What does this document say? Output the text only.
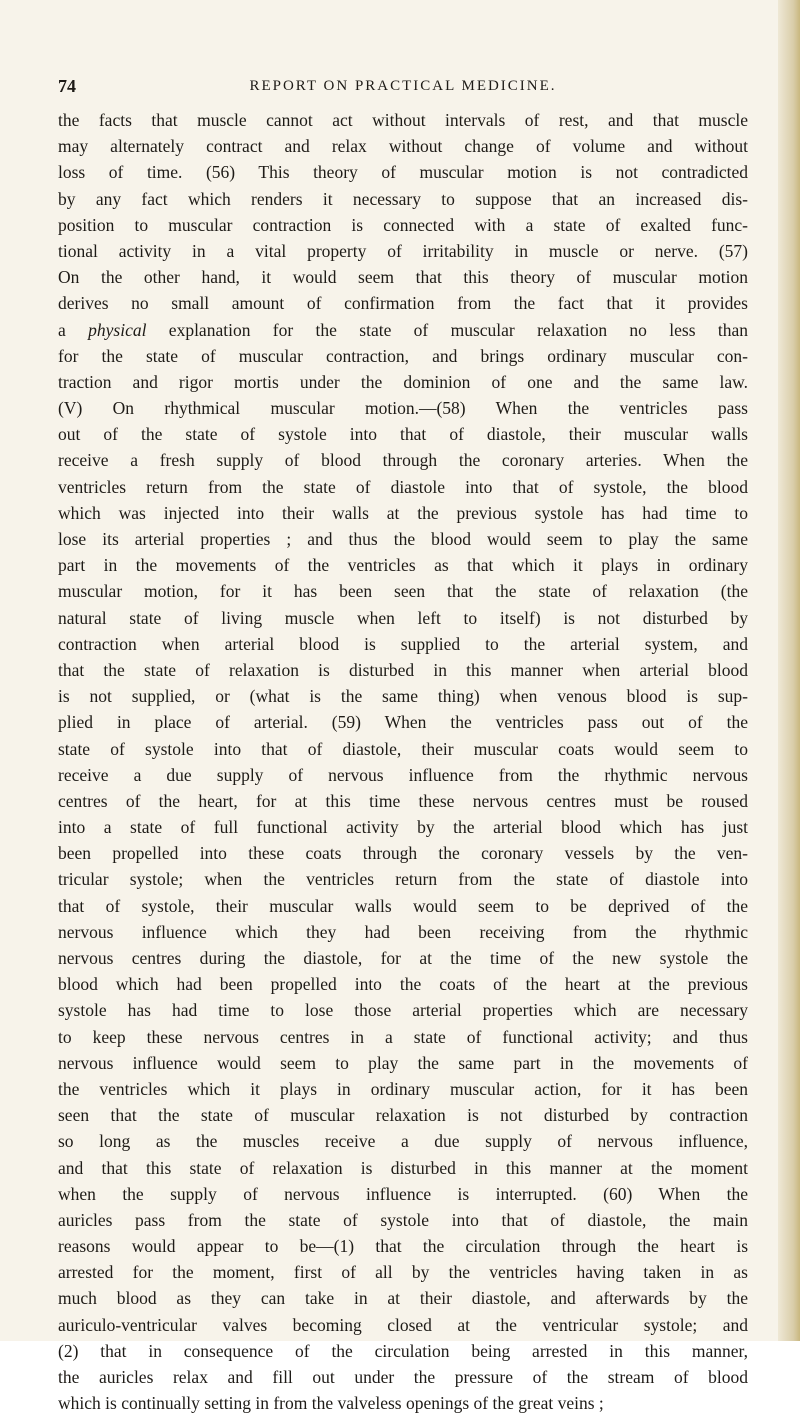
74	REPORT ON PRACTICAL MEDICINE.
the facts that muscle cannot act without intervals of rest, and that muscle
may alternately contract and relax without change of volume and without
loss of time. (56) This theory of muscular motion is not contradicted
by any fact which renders it necessary to suppose that an increased dis-
position to muscular contraction is connected with a state of exalted func-
tional activity in a vital property of irritability in muscle or nerve. (57)
On the other hand, it would seem that this theory of muscular motion
derives no small amount of confirmation from the fact that it provides
a physical explanation for the state of muscular relaxation no less than
for the state of muscular contraction, and brings ordinary muscular con-
traction and rigor mortis under the dominion of one and the same law.
(V) On rhythmical muscular motion.—(58) When the ventricles pass
out of the state of systole into that of diastole, their muscular walls
receive a fresh supply of blood through the coronary arteries. When the
ventricles return from the state of diastole into that of systole, the blood
which was injected into their walls at the previous systole has had time to
lose its arterial properties ; and thus the blood would seem to play the same
part in the movements of the ventricles as that which it plays in ordinary
muscular motion, for it has been seen that the state of relaxation (the
natural state of living muscle when left to itself) is not disturbed by
contraction when arterial blood is supplied to the arterial system, and
that the state of relaxation is disturbed in this manner when arterial blood
is not supplied, or (what is the same thing) when venous blood is sup-
plied in place of arterial. (59) When the ventricles pass out of the
state of systole into that of diastole, their muscular coats would seem to
receive a due supply of nervous influence from the rhythmic nervous
centres of the heart, for at this time these nervous centres must be roused
into a state of full functional activity by the arterial blood which has just
been propelled into these coats through the coronary vessels by the ven-
tricular systole; when the ventricles return from the state of diastole into
that of systole, their muscular walls would seem to be deprived of the
nervous influence which they had been receiving from the rhythmic
nervous centres during the diastole, for at the time of the new systole the
blood which had been propelled into the coats of the heart at the previous
systole has had time to lose those arterial properties which are necessary
to keep these nervous centres in a state of functional activity; and thus
nervous influence would seem to play the same part in the movements of
the ventricles which it plays in ordinary muscular action, for it has been
seen that the state of muscular relaxation is not disturbed by contraction
so long as the muscles receive a due supply of nervous influence,
and that this state of relaxation is disturbed in this manner at the moment
when the supply of nervous influence is interrupted. (60) When the
auricles pass from the state of systole into that of diastole, the main
reasons would appear to be—(1) that the circulation through the heart is
arrested for the moment, first of all by the ventricles having taken in as
much blood as they can take in at their diastole, and afterwards by the
auriculo-ventricular valves becoming closed at the ventricular systole; and
(2) that in consequence of the circulation being arrested in this manner,
the auricles relax and fill out under the pressure of the stream of blood
which is continually setting in from the valveless openings of the great veins ;
